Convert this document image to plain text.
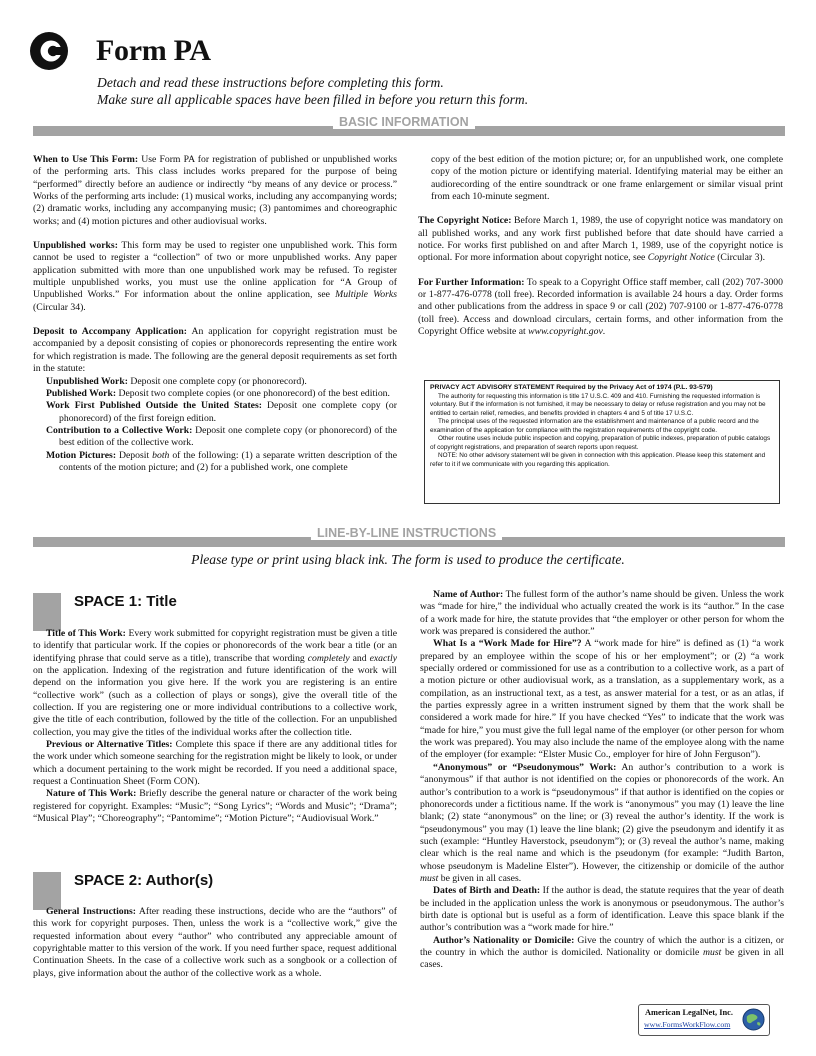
Form PA
Detach and read these instructions before completing this form.
Make sure all applicable spaces have been filled in before you return this form.
BASIC INFORMATION

When to Use This Form: Use Form PA for registration of published or unpublished works of the performing arts. This class includes works prepared for the purpose of being “performed” directly before an audience or indirectly “by means of any device or process.” Works of the performing arts include: (1) musical works, including any accompanying words; (2) dramatic works, including any accompanying music; (3) pantomimes and choreographic works; and (4) motion pictures and other audiovisual works.

Unpublished works: This form may be used to register one unpublished work. This form cannot be used to register a “collection” of two or more unpublished works. Any paper application submitted with more than one unpublished work may be refused. To register multiple unpublished works, you must use the online application for “A Group of Unpublished Works.” For information about the online application, see Multiple Works (Circular 34).

Deposit to Accompany Application: An application for copyright registration must be accompanied by a deposit consisting of copies or phonorecords representing the entire work for which registration is made. The following are the general deposit requirements as set forth in the statute:

Unpublished Work: Deposit one complete copy (or phonorecord).

Published Work: Deposit two complete copies (or one phonorecord) of the best edition.

Work First Published Outside the United States: Deposit one complete copy (or phonorecord) of the first foreign edition.

Contribution to a Collective Work: Deposit one complete copy (or phonorecord) of the best edition of the collective work.

Motion Pictures: Deposit both of the following: (1) a separate written description of the contents of the motion picture; and (2) for a published work, one complete

copy of the best edition of the motion picture; or, for an unpublished work, one complete copy of the motion picture or identifying material. Identifying material may be either an audiorecording of the entire soundtrack or one frame enlargement or similar visual print from each 10-minute segment.

The Copyright Notice: Before March 1, 1989, the use of copyright notice was mandatory on all published works, and any work first published before that date should have carried a notice. For works first published on and after March 1, 1989, use of the copyright notice is optional. For more information about copyright notice, see Copyright Notice (Circular 3).

For Further Information: To speak to a Copyright Office staff member, call (202) 707-3000 or 1-877-476-0778 (toll free). Recorded information is available 24 hours a day. Order forms and other publications from the address in space 9 or call (202) 707-9100 or 1-877-476-0778 (toll free). Access and download circulars, certain forms, and other information from the Copyright Office website at www.copyright.gov.

PRIVACY ACT ADVISORY STATEMENT Required by the Privacy Act of 1974 (P.L. 93-579)

The authority for requesting this information is title 17 U.S.C. 409 and 410. Furnishing the requested information is voluntary. But if the information is not furnished, it may be necessary to delay or refuse registration and you may not be entitled to certain relief, remedies, and benefits provided in chapters 4 and 5 of title 17 U.S.C.

The principal uses of the requested information are the establishment and maintenance of a public record and the examination of the application for compliance with the registration requirements of the copyright code.

Other routine uses include public inspection and copying, preparation of public indexes, preparation of public catalogs of copyright registrations, and preparation of search reports upon request.

NOTE: No other advisory statement will be given in connection with this application. Please keep this statement and refer to it if we communicate with you regarding this application.

LINE-BY-LINE INSTRUCTIONS
Please type or print using black ink. The form is used to produce the certificate.
SPACE 1: Title

Title of This Work: Every work submitted for copyright registration must be given a title to identify that particular work. If the copies or phonorecords of the work bear a title (or an identifying phrase that could serve as a title), transcribe that wording completely and exactly on the application. Indexing of the registration and future identification of the work will depend on the information you give here. If the work you are registering is an entire “collective work” (such as a collection of plays or songs), give the overall title of the collection. If you are registering one or more individual contributions to a collective work, give the title of each contribution, followed by the title of the collection. For an unpublished collection, you may give the titles of the individual works after the collection title.

Previous or Alternative Titles: Complete this space if there are any additional titles for the work under which someone searching for the registration might be likely to look, or under which a document pertaining to the work might be recorded. If you need a additional space, request a Continuation Sheet (Form CON).

Nature of This Work: Briefly describe the general nature or character of the work being registered for copyright. Examples: “Music”; “Song Lyrics”; “Words and Music”; “Drama”; “Musical Play”; “Choreography”; “Pantomime”; “Motion Picture”; “Audiovisual Work.”

SPACE 2: Author(s)

General Instructions: After reading these instructions, decide who are the “authors” of this work for copyright purposes. Then, unless the work is a “collective work,” give the requested information about every “author” who contributed any appreciable amount of copyrightable matter to this version of the work. If you need further space, request additional Continuation Sheets. In the case of a collective work such as a songbook or a collection of plays, give information about the author of the collective work as a whole.

Name of Author: The fullest form of the author’s name should be given. Unless the work was “made for hire,” the individual who actually created the work is its “author.” In the case of a work made for hire, the statute provides that “the employer or other person for whom the work was prepared is considered the author.”

What Is a “Work Made for Hire”? A “work made for hire” is defined as (1) “a work prepared by an employee within the scope of his or her employment”; or (2) “a work specially ordered or commissioned for use as a contribution to a collective work, as a part of a motion picture or other audiovisual work, as a translation, as a supplementary work, as a compilation, as an instructional text, as a test, as answer material for a test, or as an atlas, if the parties expressly agree in a written instrument signed by them that the work shall be considered a work made for hire.” If you have checked “Yes” to indicate that the work was “made for hire,” you must give the full legal name of the employer (or other person for whom the work was prepared). You may also include the name of the employee along with the name of the employer (for example: “Elster Music Co., employer for hire of John Ferguson”).

“Anonymous” or “Pseudonymous” Work: An author’s contribution to a work is “anonymous” if that author is not identified on the copies or phonorecords of the work. An author’s contribution to a work is “pseudonymous” if that author is identified on the copies or phonorecords under a fictitious name. If the work is “anonymous” you may (1) leave the line blank; (2) state “anonymous” on the line; or (3) reveal the author’s identity. If the work is “pseudonymous” you may (1) leave the line blank; (2) give the pseudonym and identify it as such (example: “Huntley Haverstock, pseudonym”); or (3) reveal the author’s name, making clear which is the real name and which is the pseudonym (for example: “Judith Barton, whose pseudonym is Madeline Elster”). However, the citizenship or domicile of the author must be given in all cases.

Dates of Birth and Death: If the author is dead, the statute requires that the year of death be included in the application unless the work is anonymous or pseudonymous. The author’s birth date is optional but is useful as a form of identification. Leave this space blank if the author’s contribution was a “work made for hire.”

Author’s Nationality or Domicile: Give the country of which the author is a citizen, or the country in which the author is domiciled. Nationality or domicile must be given in all cases.

American LegalNet, Inc.
www.FormsWorkFlow.com
